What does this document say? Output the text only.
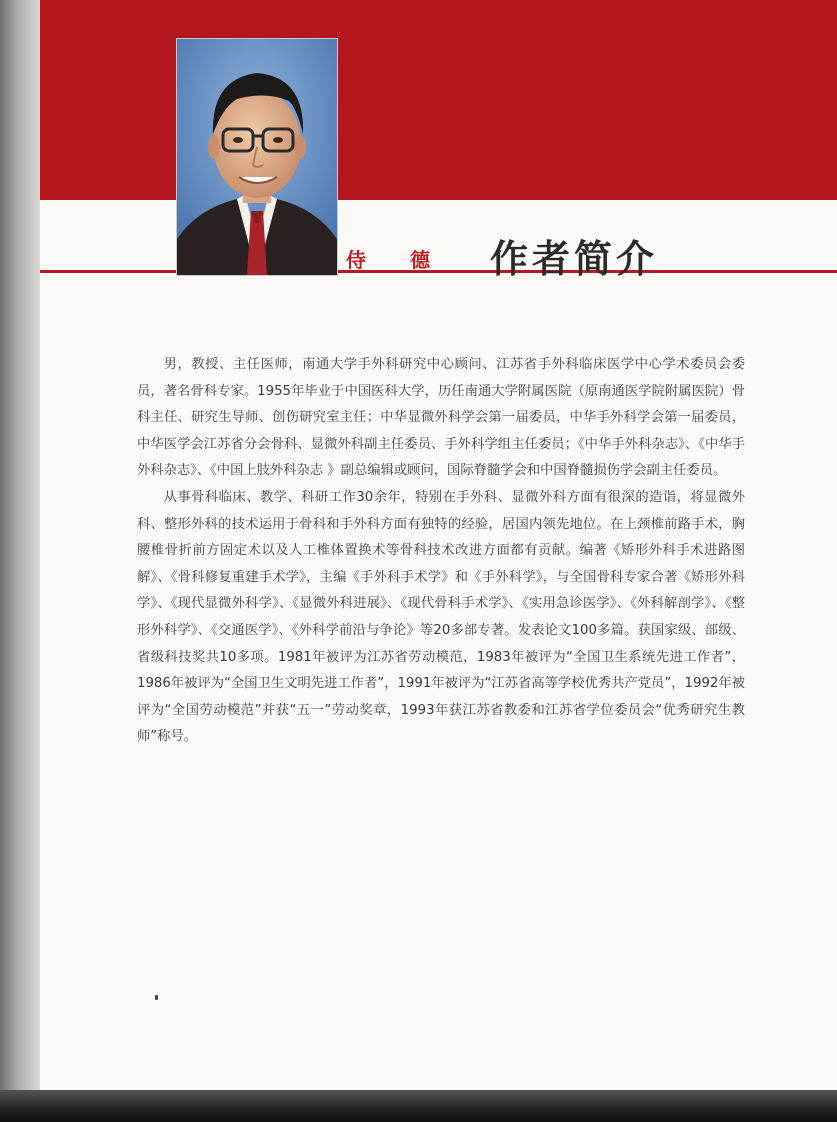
侍　德 作者简介

男，教授、主任医师，南通大学手外科研究中心顾问、江苏省手外科临床医学中心学术委员会委员，著名骨科专家。1955年毕业于中国医科大学，历任南通大学附属医院（原南通医学院附属医院）骨科主任、研究生导师、创伤研究室主任；中华显微外科学会第一届委员，中华手外科学会第一届委员，中华医学会江苏省分会骨科、显微外科副主任委员、手外科学组主任委员；《中华手外科杂志》、《中华手外科杂志》、《中国上肢外科杂志 》副总编辑或顾问，国际脊髓学会和中国脊髓损伤学会副主任委员。

从事骨科临床、教学、科研工作30余年，特别在手外科、显微外科方面有很深的造诣，将显微外科、整形外科的技术运用于骨科和手外科方面有独特的经验，居国内领先地位。在上颈椎前路手术，胸腰椎骨折前方固定术以及人工椎体置换术等骨科技术改进方面都有贡献。编著《矫形外科手术进路图解》、《骨科修复重建手术学》，主编《手外科手术学》和《手外科学》，与全国骨科专家合著《矫形外科学》、《现代显微外科学》、《显微外科进展》、《现代骨科手术学》、《实用急诊医学》、《外科解剖学》、《整形外科学》、《交通医学》、《外科学前沿与争论》等20多部专著。发表论文100多篇。获国家级、部级、省级科技奖共10多项。1981年被评为江苏省劳动模范，1983年被评为“全国卫生系统先进工作者”，1986年被评为“全国卫生文明先进工作者”，1991年被评为“江苏省高等学校优秀共产党员”，1992年被评为“全国劳动模范”并获“五一”劳动奖章，1993年获江苏省教委和江苏省学位委员会“优秀研究生教师”称号。
